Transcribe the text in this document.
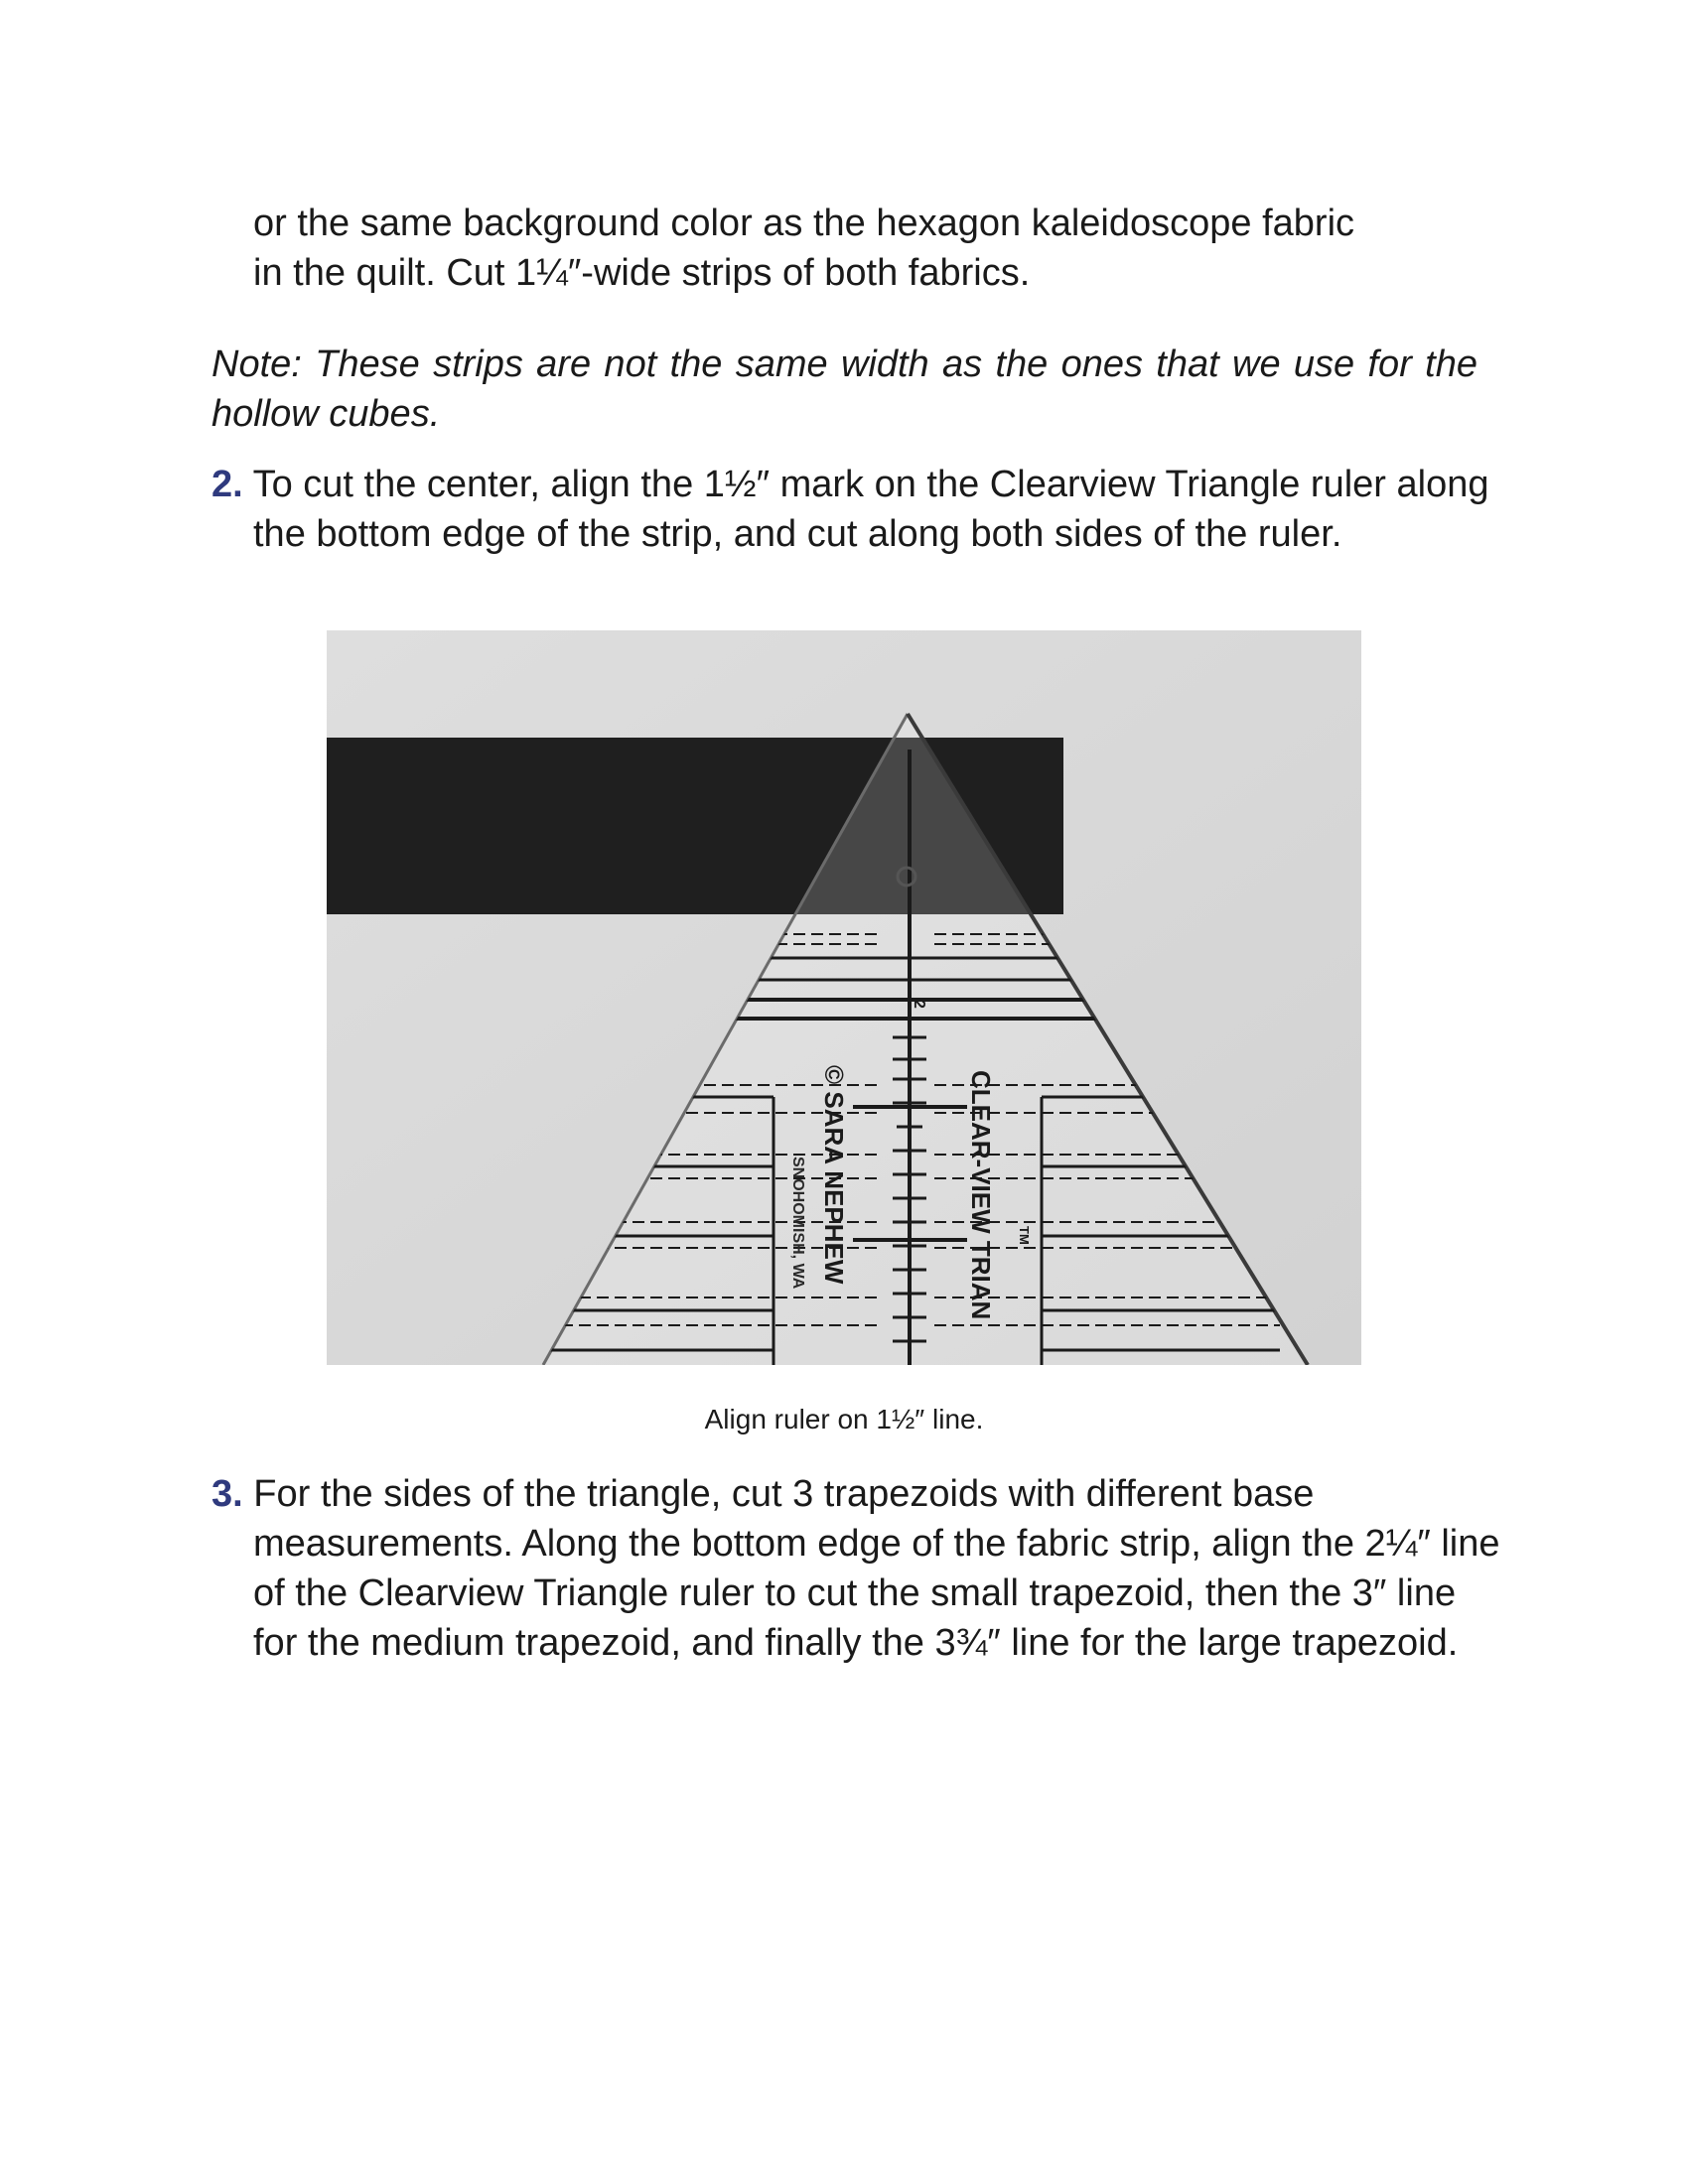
or the same background color as the hexagon kaleidoscope fabric
in the quilt. Cut 1¼″-wide strips of both fabrics.

Note: These strips are not the same width as the ones that we use for the hollow cubes.

2. To cut the center, align the 1½″ mark on the Clearview Triangle ruler along the bottom edge of the strip, and cut along both sides of the ruler.

© SARA NEPHEW
SNOHOMISH, WA	CLEAR-VIEW TRIAN TM
2
Align ruler on 1½″ line.

3. For the sides of the triangle, cut 3 trapezoids with different base measurements. Along the bottom edge of the fabric strip, align the 2¼″ line of the Clearview Triangle ruler to cut the small trapezoid, then the 3″ line for the medium trapezoid, and finally the 3¾″ line for the large trapezoid.
